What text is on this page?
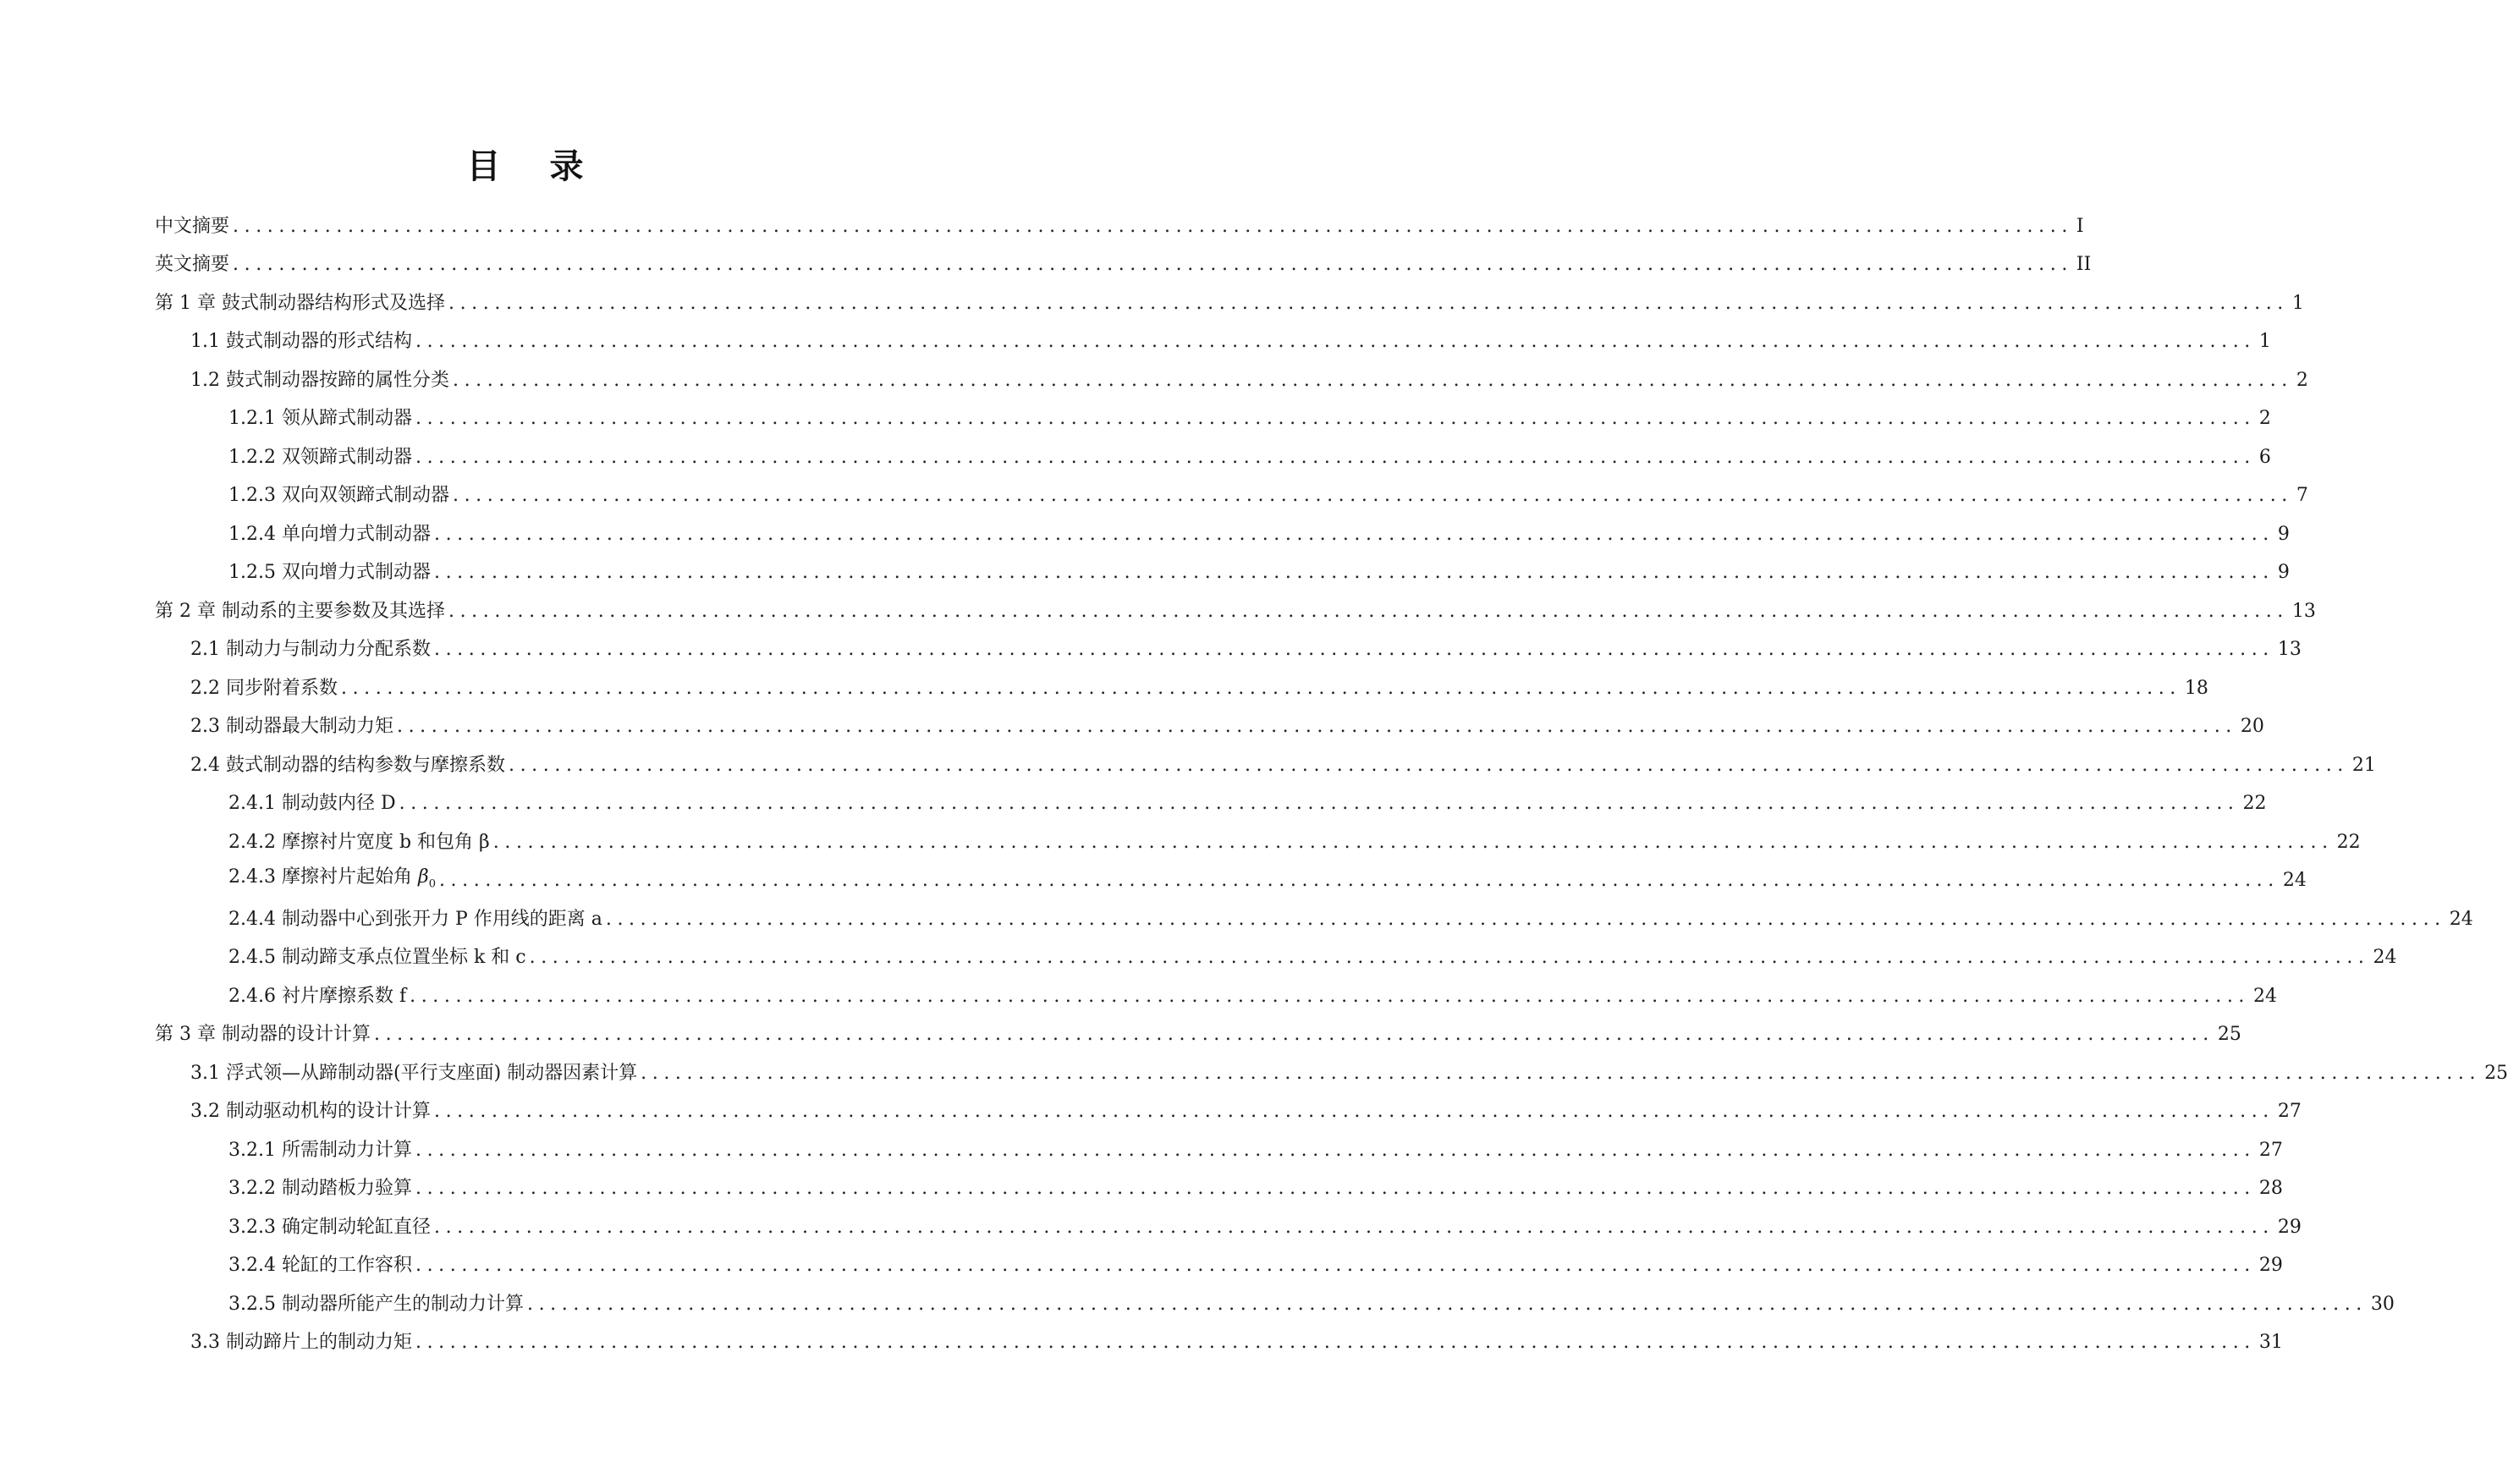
目 录
中文摘要 ................................................................................................................................................................ I
英文摘要 ................................................................................................................................................................ II
第 1 章 鼓式制动器结构形式及选择 ................................................................................................................................................................ 1
1.1 鼓式制动器的形式结构 ................................................................................................................................................................ 1
1.2 鼓式制动器按蹄的属性分类 ................................................................................................................................................................ 2
1.2.1 领从蹄式制动器 ................................................................................................................................................................ 2
1.2.2 双领蹄式制动器 ................................................................................................................................................................ 6
1.2.3 双向双领蹄式制动器 ................................................................................................................................................................ 7
1.2.4 单向增力式制动器 ................................................................................................................................................................ 9
1.2.5 双向增力式制动器 ................................................................................................................................................................ 9
第 2 章 制动系的主要参数及其选择 ................................................................................................................................................................ 13
2.1 制动力与制动力分配系数 ................................................................................................................................................................ 13
2.2 同步附着系数 ................................................................................................................................................................ 18
2.3 制动器最大制动力矩 ................................................................................................................................................................ 20
2.4 鼓式制动器的结构参数与摩擦系数 ................................................................................................................................................................ 21
2.4.1 制动鼓内径 D ................................................................................................................................................................ 22
2.4.2 摩擦衬片宽度 b 和包角 β ................................................................................................................................................................ 22
2.4.3 摩擦衬片起始角 $\beta_0$ ................................................................................................................................................................ 24
2.4.4 制动器中心到张开力 P 作用线的距离 a ................................................................................................................................................................ 24
2.4.5 制动蹄支承点位置坐标 k 和 c ................................................................................................................................................................ 24
2.4.6 衬片摩擦系数 f ................................................................................................................................................................ 24
第 3 章 制动器的设计计算 ................................................................................................................................................................ 25
3.1 浮式领—从蹄制动器(平行支座面) 制动器因素计算 ................................................................................................................................................................ 25
3.2 制动驱动机构的设计计算 ................................................................................................................................................................ 27
3.2.1 所需制动力计算 ................................................................................................................................................................ 27
3.2.2 制动踏板力验算 ................................................................................................................................................................ 28
3.2.3 确定制动轮缸直径 ................................................................................................................................................................ 29
3.2.4 轮缸的工作容积 ................................................................................................................................................................ 29
3.2.5 制动器所能产生的制动力计算 ................................................................................................................................................................ 30
3.3 制动蹄片上的制动力矩 ................................................................................................................................................................ 31
